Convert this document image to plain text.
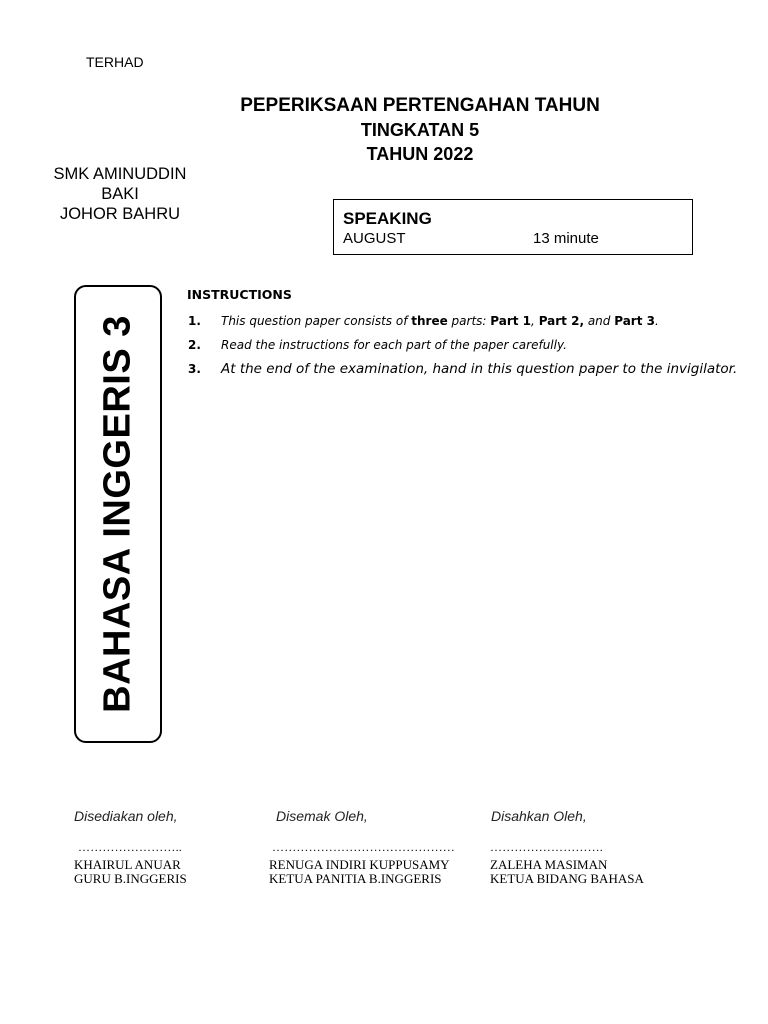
TERHAD
PEPERIKSAAN PERTENGAHAN TAHUN
TINGKATAN 5
TAHUN 2022
SMK AMINUDDIN
BAKI
JOHOR BAHRU	SPEAKING
AUGUST	13 minute
BAHASA INGGERIS 3
INSTRUCTIONS
1. This question paper consists of three parts: Part 1, Part 2, and Part 3.
2. Read the instructions for each part of the paper carefully.
3. At the end of the examination, hand in this question paper to the invigilator.
Disediakan oleh,	Disemak Oleh,	Disahkan Oleh,
……………………..	………………………………………	……………………….
KHAIRUL ANUAR	RENUGA INDIRI KUPPUSAMY	ZALEHA MASIMAN
GURU B.INGGERIS	KETUA PANITIA B.INGGERIS	KETUA BIDANG BAHASA
